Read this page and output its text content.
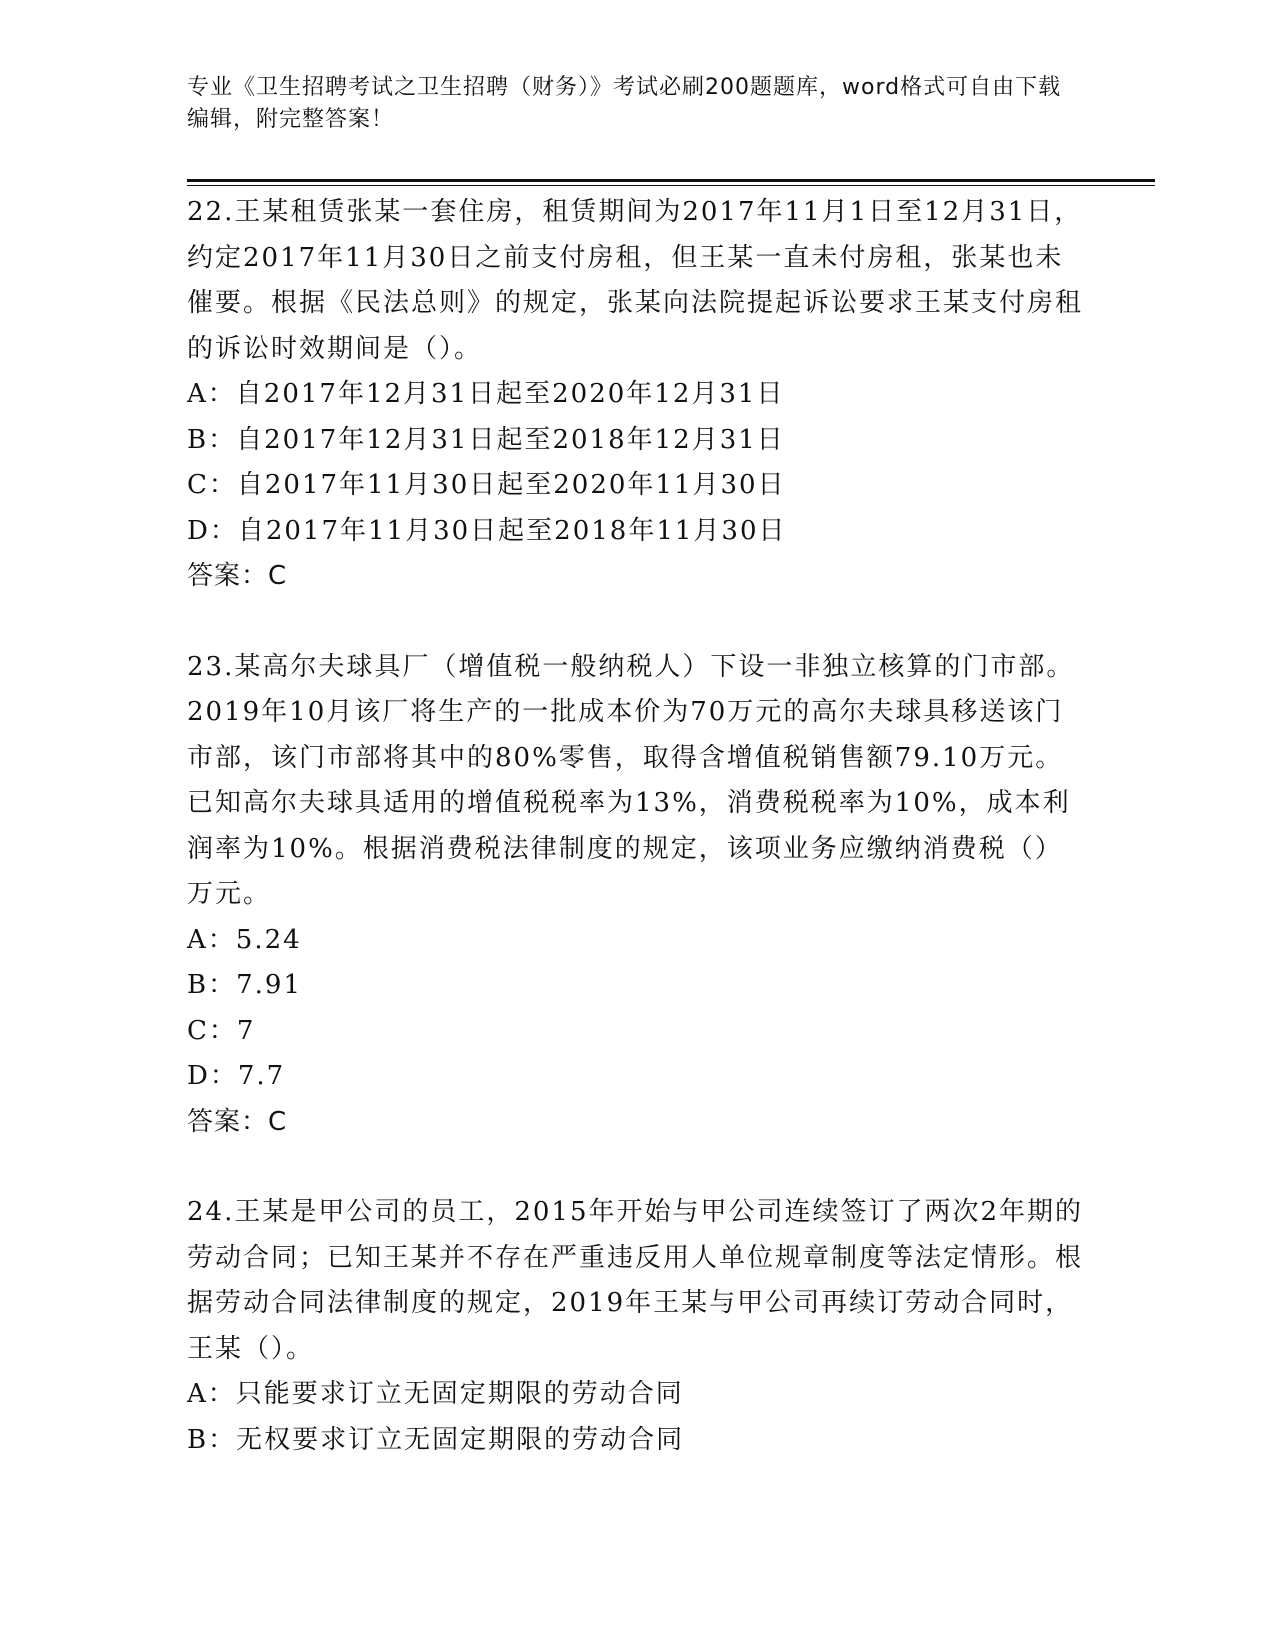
专业《卫生招聘考试之卫生招聘（财务）》考试必刷200题题库，word格式可自由下载编辑，附完整答案！

22.王某租赁张某一套住房，租赁期间为2017年11月1日至12月31日，约定2017年11月30日之前支付房租，但王某一直未付房租，张某也未催要。根据《民法总则》的规定，张某向法院提起诉讼要求王某支付房租的诉讼时效期间是（）。

A：自2017年12月31日起至2020年12月31日

B：自2017年12月31日起至2018年12月31日

C：自2017年11月30日起至2020年11月30日

D：自2017年11月30日起至2018年11月30日

答案：C

23.某高尔夫球具厂（增值税一般纳税人）下设一非独立核算的门市部。2019年10月该厂将生产的一批成本价为70万元的高尔夫球具移送该门市部，该门市部将其中的80%零售，取得含增值税销售额79.10万元。已知高尔夫球具适用的增值税税率为13%，消费税税率为10%，成本利润率为10%。根据消费税法律制度的规定，该项业务应缴纳消费税（）万元。

A：5.24

B：7.91

C：7

D：7.7

答案：C

24.王某是甲公司的员工，2015年开始与甲公司连续签订了两次2年期的劳动合同；已知王某并不存在严重违反用人单位规章制度等法定情形。根据劳动合同法律制度的规定，2019年王某与甲公司再续订劳动合同时，王某（）。

A：只能要求订立无固定期限的劳动合同

B：无权要求订立无固定期限的劳动合同
